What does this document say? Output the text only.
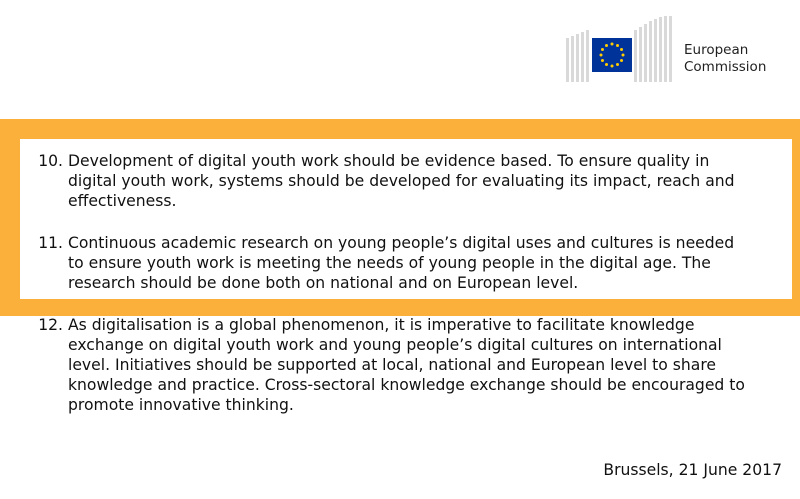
European
Commission
10. Development of digital youth work should be evidence based. To ensure quality in
digital youth work, systems should be developed for evaluating its impact, reach and
effectiveness.
11. Continuous academic research on young people’s digital uses and cultures is needed
to ensure youth work is meeting the needs of young people in the digital age. The
research should be done both on national and on European level.
12. As digitalisation is a global phenomenon, it is imperative to facilitate knowledge
exchange on digital youth work and young people’s digital cultures on international
level. Initiatives should be supported at local, national and European level to share
knowledge and practice. Cross-sectoral knowledge exchange should be encouraged to
promote innovative thinking.
Brussels, 21 June 2017
